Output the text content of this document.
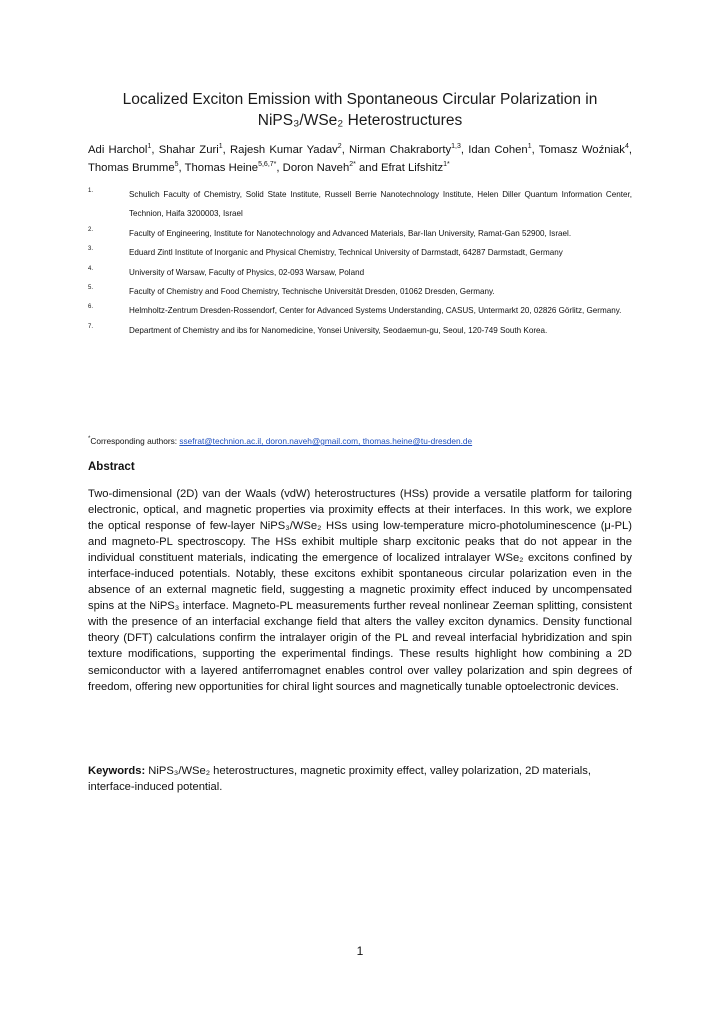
Localized Exciton Emission with Spontaneous Circular Polarization in
NiPS₃/WSe₂ Heterostructures
Adi Harchol$^1$, Shahar Zuri$^1$, Rajesh Kumar Yadav$^2$, Nirman Chakraborty$^{1,3}$, Idan Cohen$^1$, Tomasz Woźniak$^4$, Thomas Brumme$^5$, Thomas Heine$^{5,6,7*}$, Doron Naveh$^{2*}$ and Efrat Lifshitz$^{1*}$
1.	Schulich Faculty of Chemistry, Solid State Institute, Russell Berrie Nanotechnology Institute, Helen Diller Quantum Information Center, Technion, Haifa 3200003, Israel
2.	Faculty of Engineering, Institute for Nanotechnology and Advanced Materials, Bar-Ilan University, Ramat-Gan 52900, Israel.
3.	Eduard Zintl Institute of Inorganic and Physical Chemistry, Technical University of Darmstadt, 64287 Darmstadt, Germany
4.	University of Warsaw, Faculty of Physics, 02-093 Warsaw, Poland
5.	Faculty of Chemistry and Food Chemistry, Technische Universität Dresden, 01062 Dresden, Germany.
6.	Helmholtz-Zentrum Dresden-Rossendorf, Center for Advanced Systems Understanding, CASUS, Untermarkt 20, 02826 Görlitz, Germany.
7.	Department of Chemistry and ibs for Nanomedicine, Yonsei University, Seodaemun-gu, Seoul, 120-749 South Korea.
*Corresponding authors: ssefrat@technion.ac.il, doron.naveh@gmail.com, thomas.heine@tu-dresden.de
Abstract
Two-dimensional (2D) van der Waals (vdW) heterostructures (HSs) provide a versatile platform for tailoring electronic, optical, and magnetic properties via proximity effects at their interfaces. In this work, we explore the optical response of few-layer NiPS₃/WSe₂ HSs using low-temperature micro-photoluminescence (μ-PL) and magneto-PL spectroscopy. The HSs exhibit multiple sharp excitonic peaks that do not appear in the individual constituent materials, indicating the emergence of localized intralayer WSe₂ excitons confined by interface-induced potentials. Notably, these excitons exhibit spontaneous circular polarization even in the absence of an external magnetic field, suggesting a magnetic proximity effect induced by uncompensated spins at the NiPS₃ interface. Magneto-PL measurements further reveal nonlinear Zeeman splitting, consistent with the presence of an interfacial exchange field that alters the valley exciton dynamics. Density functional theory (DFT) calculations confirm the intralayer origin of the PL and reveal interfacial hybridization and spin texture modifications, supporting the experimental findings. These results highlight how combining a 2D semiconductor with a layered antiferromagnet enables control over valley polarization and spin degrees of freedom, offering new opportunities for chiral light sources and magnetically tunable optoelectronic devices.
Keywords: NiPS₃/WSe₂ heterostructures, magnetic proximity effect, valley polarization, 2D materials, interface-induced potential.
1
